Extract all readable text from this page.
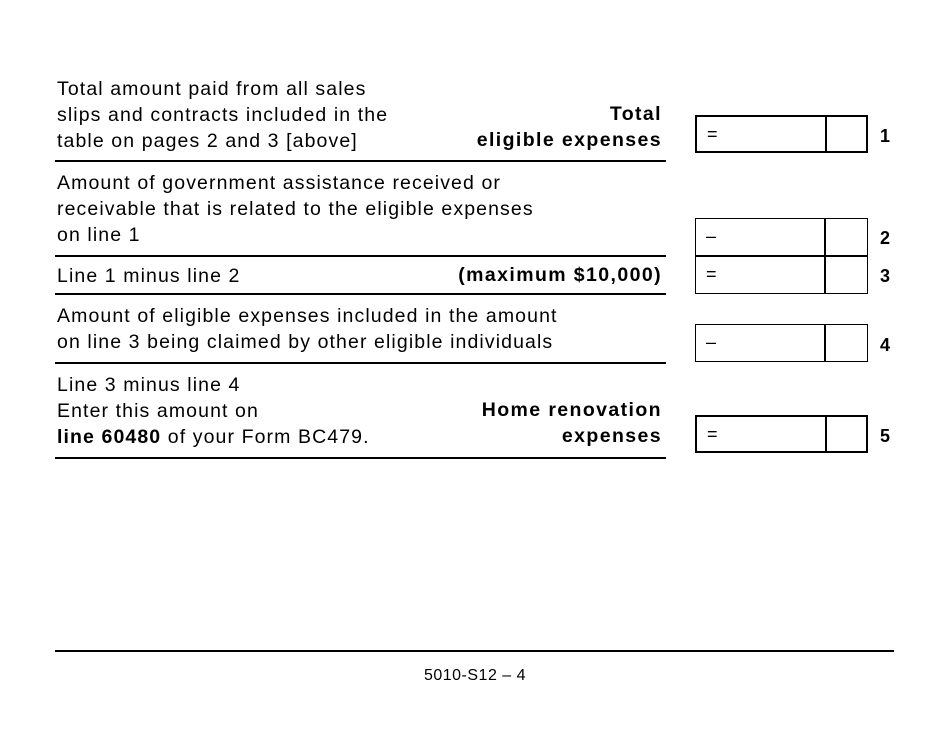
Total amount paid from all sales
slips and contracts included in the
table on pages 2 and 3 [above]
Total
eligible expenses	=	1
Amount of government assistance received or
receivable that is related to the eligible expenses
on line 1	–	2
Line 1 minus line 2	(maximum $10,000) =	3
Amount of eligible expenses included in the amount
on line 3 being claimed by other eligible individuals	–	4
Line 3 minus line 4
Enter this amount on
line 60480 of your Form BC479.
Home renovation
expenses	=	5
5010-S12 – 4
